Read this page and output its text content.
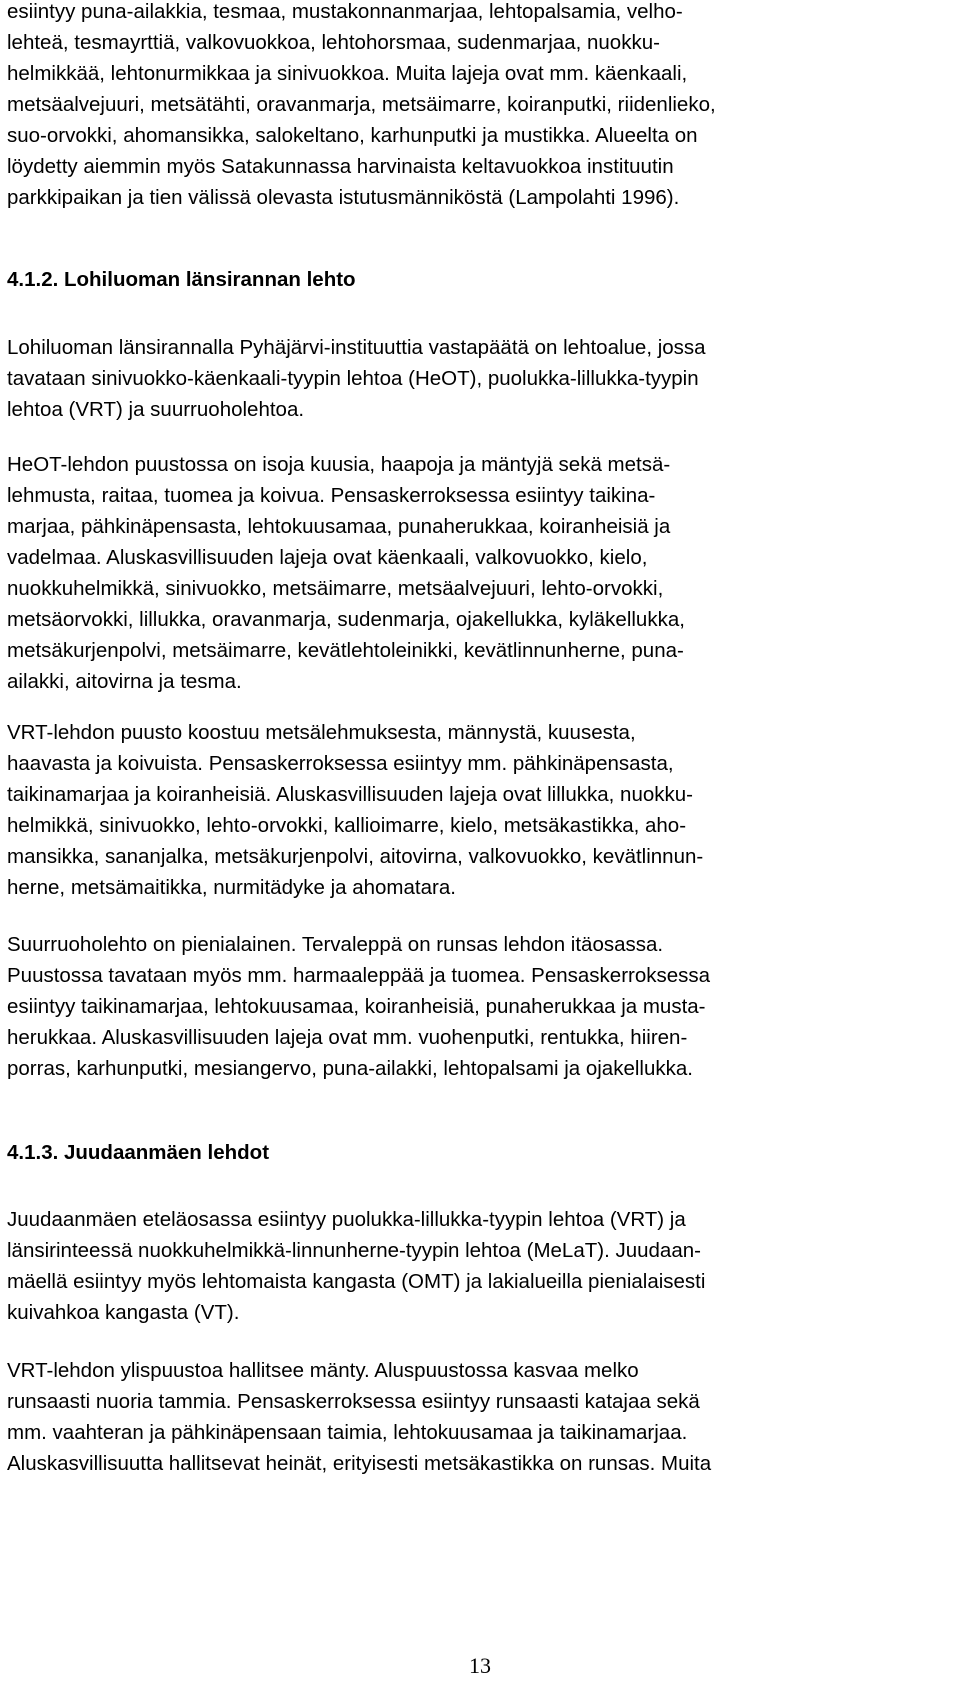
esiintyy puna-ailakkia, tesmaa, mustakonnanmarjaa, lehtopalsamia, velho-
lehteä, tesmayrttiä, valkovuokkoa, lehtohorsmaa, sudenmarjaa, nuokku-
helmikkää, lehtonurmikkaa ja sinivuokkoa. Muita lajeja ovat mm. käenkaali,
metsäalvejuuri, metsätähti, oravanmarja, metsäimarre, koiranputki, riidenlieko,
suo-orvokki, ahomansikka, salokeltano, karhunputki ja mustikka. Alueelta on
löydetty aiemmin myös Satakunnassa harvinaista keltavuokkoa instituutin
parkkipaikan ja tien välissä olevasta istutusmänniköstä (Lampolahti 1996).
4.1.2. Lohiluoman länsirannan lehto
Lohiluoman länsirannalla Pyhäjärvi-instituuttia vastapäätä on lehtoalue, jossa
tavataan sinivuokko-käenkaali-tyypin lehtoa (HeOT), puolukka-lillukka-tyypin
lehtoa (VRT) ja suurruoholehtoa.
HeOT-lehdon puustossa on isoja kuusia, haapoja ja mäntyjä sekä metsä-
lehmusta, raitaa, tuomea ja koivua. Pensaskerroksessa esiintyy taikina-
marjaa, pähkinäpensasta, lehtokuusamaa, punaherukkaa, koiranheisiä ja
vadelmaa. Aluskasvillisuuden lajeja ovat käenkaali, valkovuokko, kielo,
nuokkuhelmikkä, sinivuokko, metsäimarre, metsäalvejuuri, lehto-orvokki,
metsäorvokki, lillukka, oravanmarja, sudenmarja, ojakellukka, kyläkellukka,
metsäkurjenpolvi, metsäimarre, kevätlehtoleinikki, kevätlinnunherne, puna-
ailakki, aitovirna ja tesma.
VRT-lehdon puusto koostuu metsälehmuksesta, männystä, kuusesta,
haavasta ja koivuista. Pensaskerroksessa esiintyy mm. pähkinäpensasta,
taikinamarjaa ja koiranheisiä. Aluskasvillisuuden lajeja ovat lillukka, nuokku-
helmikkä, sinivuokko, lehto-orvokki, kallioimarre, kielo, metsäkastikka, aho-
mansikka, sananjalka, metsäkurjenpolvi, aitovirna, valkovuokko, kevätlinnun-
herne, metsämaitikka, nurmitädyke ja ahomatara.
Suurruoholehto on pienialainen. Tervaleppä on runsas lehdon itäosassa.
Puustossa tavataan myös mm. harmaaleppää ja tuomea. Pensaskerroksessa
esiintyy taikinamarjaa, lehtokuusamaa, koiranheisiä, punaherukkaa ja musta-
herukkaa. Aluskasvillisuuden lajeja ovat mm. vuohenputki, rentukka, hiiren-
porras, karhunputki, mesiangervo, puna-ailakki, lehtopalsami ja ojakellukka.
4.1.3. Juudaanmäen lehdot
Juudaanmäen eteläosassa esiintyy puolukka-lillukka-tyypin lehtoa (VRT) ja
länsirinteessä nuokkuhelmikkä-linnunherne-tyypin lehtoa (MeLaT). Juudaan-
mäellä esiintyy myös lehtomaista kangasta (OMT) ja lakialueilla pienialaisesti
kuivahkoa kangasta (VT).
VRT-lehdon ylispuustoa hallitsee mänty. Aluspuustossa kasvaa melko
runsaasti nuoria tammia. Pensaskerroksessa esiintyy runsaasti katajaa sekä
mm. vaahteran ja pähkinäpensaan taimia, lehtokuusamaa ja taikinamarjaa.
Aluskasvillisuutta hallitsevat heinät, erityisesti metsäkastikka on runsas. Muita
13
